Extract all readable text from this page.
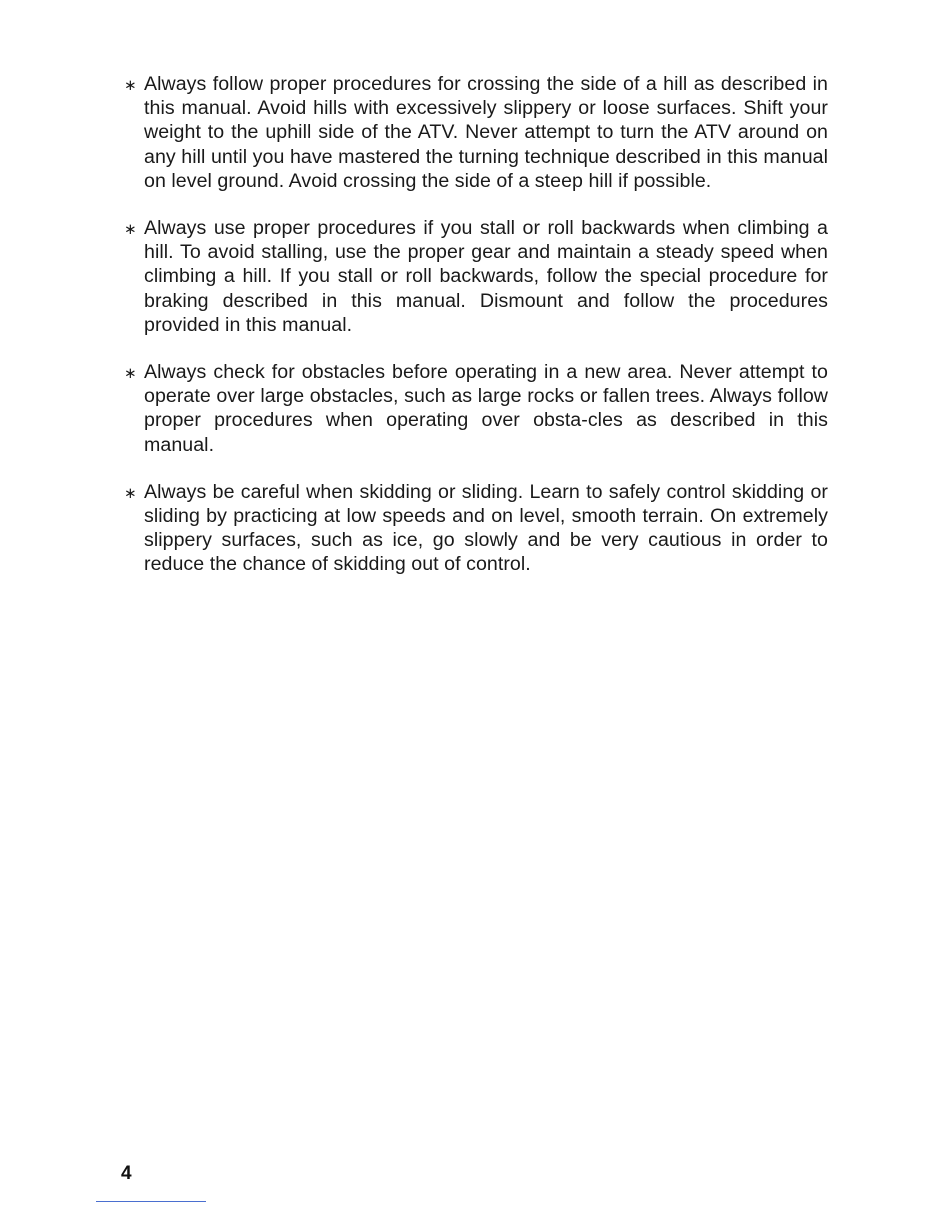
∗ Always follow proper procedures for crossing the side of a hill as described in this manual. Avoid hills with excessively slippery or loose surfaces. Shift your weight to the uphill side of the ATV. Never attempt to turn the ATV around on any hill until you have mastered the turning technique described in this manual on level ground. Avoid crossing the side of a steep hill if possible.
∗ Always use proper procedures if you stall or roll backwards when climbing a hill. To avoid stalling, use the proper gear and maintain a steady speed when climbing a hill. If you stall or roll backwards, follow the special procedure for braking described in this manual. Dismount and follow the procedures provided in this manual.
∗ Always check for obstacles before operating in a new area. Never attempt to operate over large obstacles, such as large rocks or fallen trees. Always follow proper procedures when operating over obsta-cles as described in this manual.
∗ Always be careful when skidding or sliding. Learn to safely control skidding or sliding by practicing at low speeds and on level, smooth terrain. On extremely slippery surfaces, such as ice, go slowly and be very cautious in order to reduce the chance of skidding out of control.
4
